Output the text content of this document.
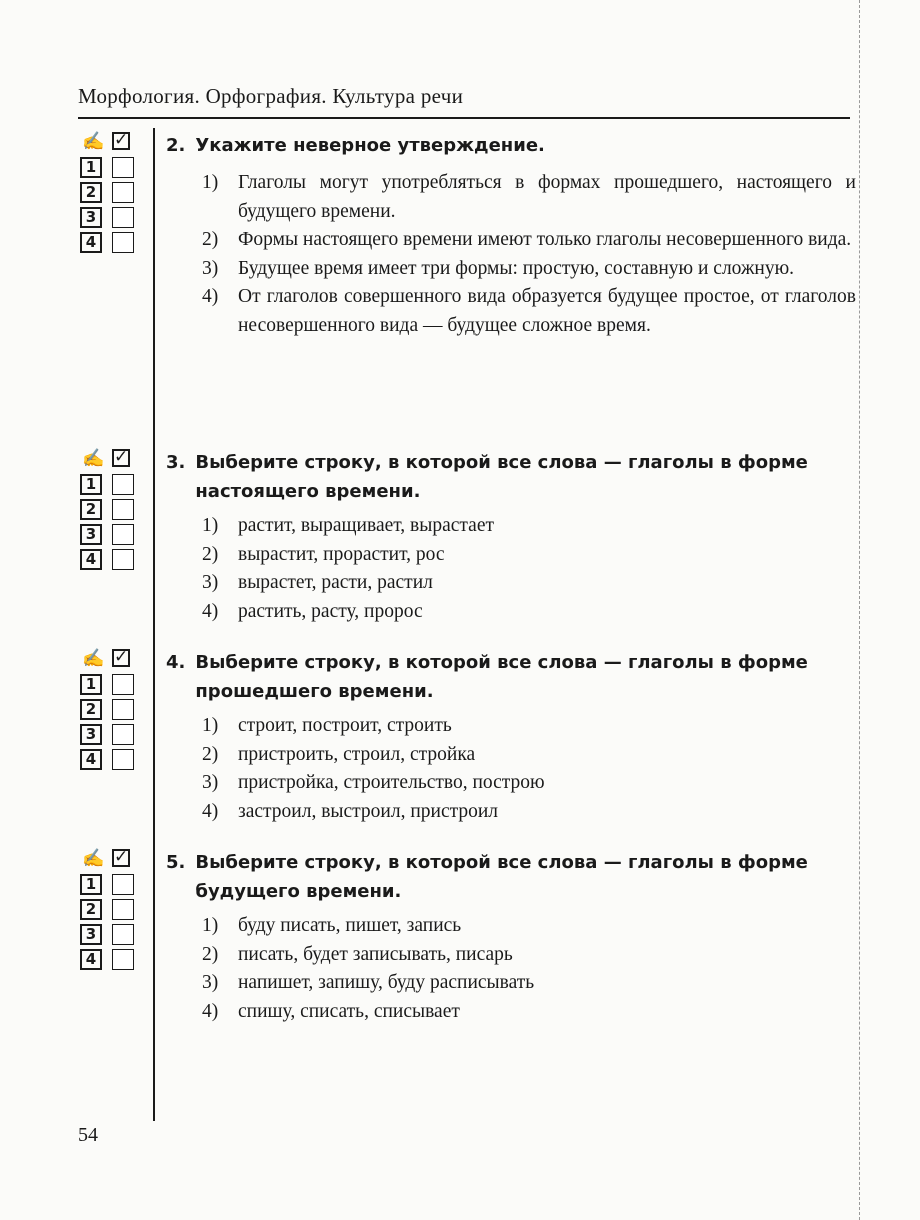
Морфология. Орфография. Культура речи
✍ ✓
1
2
3
4
2. Укажите неверное утверждение.
1)	Глаголы могут употребляться в формах прошедшего, настоящего и будущего времени.
2)	Формы настоящего времени имеют только глаголы несовершенного вида.
3)	Будущее время имеет три формы: простую, составную и сложную.
4)	От глаголов совершенного вида образуется будущее простое, от глаголов несовершенного вида — будущее сложное время.
✍ ✓
1
2
3
4
3. Выберите строку, в которой все слова — глаголы в форме настоящего времени.
1)	растит, выращивает, вырастает
2)	вырастит, прорастит, рос
3)	вырастет, расти, растил
4)	растить, расту, пророс
✍ ✓
1
2
3
4
4. Выберите строку, в которой все слова — глаголы в форме прошедшего времени.
1)	строит, построит, строить
2)	пристроить, строил, стройка
3)	пристройка, строительство, построю
4)	застроил, выстроил, пристроил
✍ ✓
1
2
3
4
5. Выберите строку, в которой все слова — глаголы в форме будущего времени.
1)	буду писать, пишет, запись
2)	писать, будет записывать, писарь
3)	напишет, запишу, буду расписывать
4)	спишу, списать, списывает
54
